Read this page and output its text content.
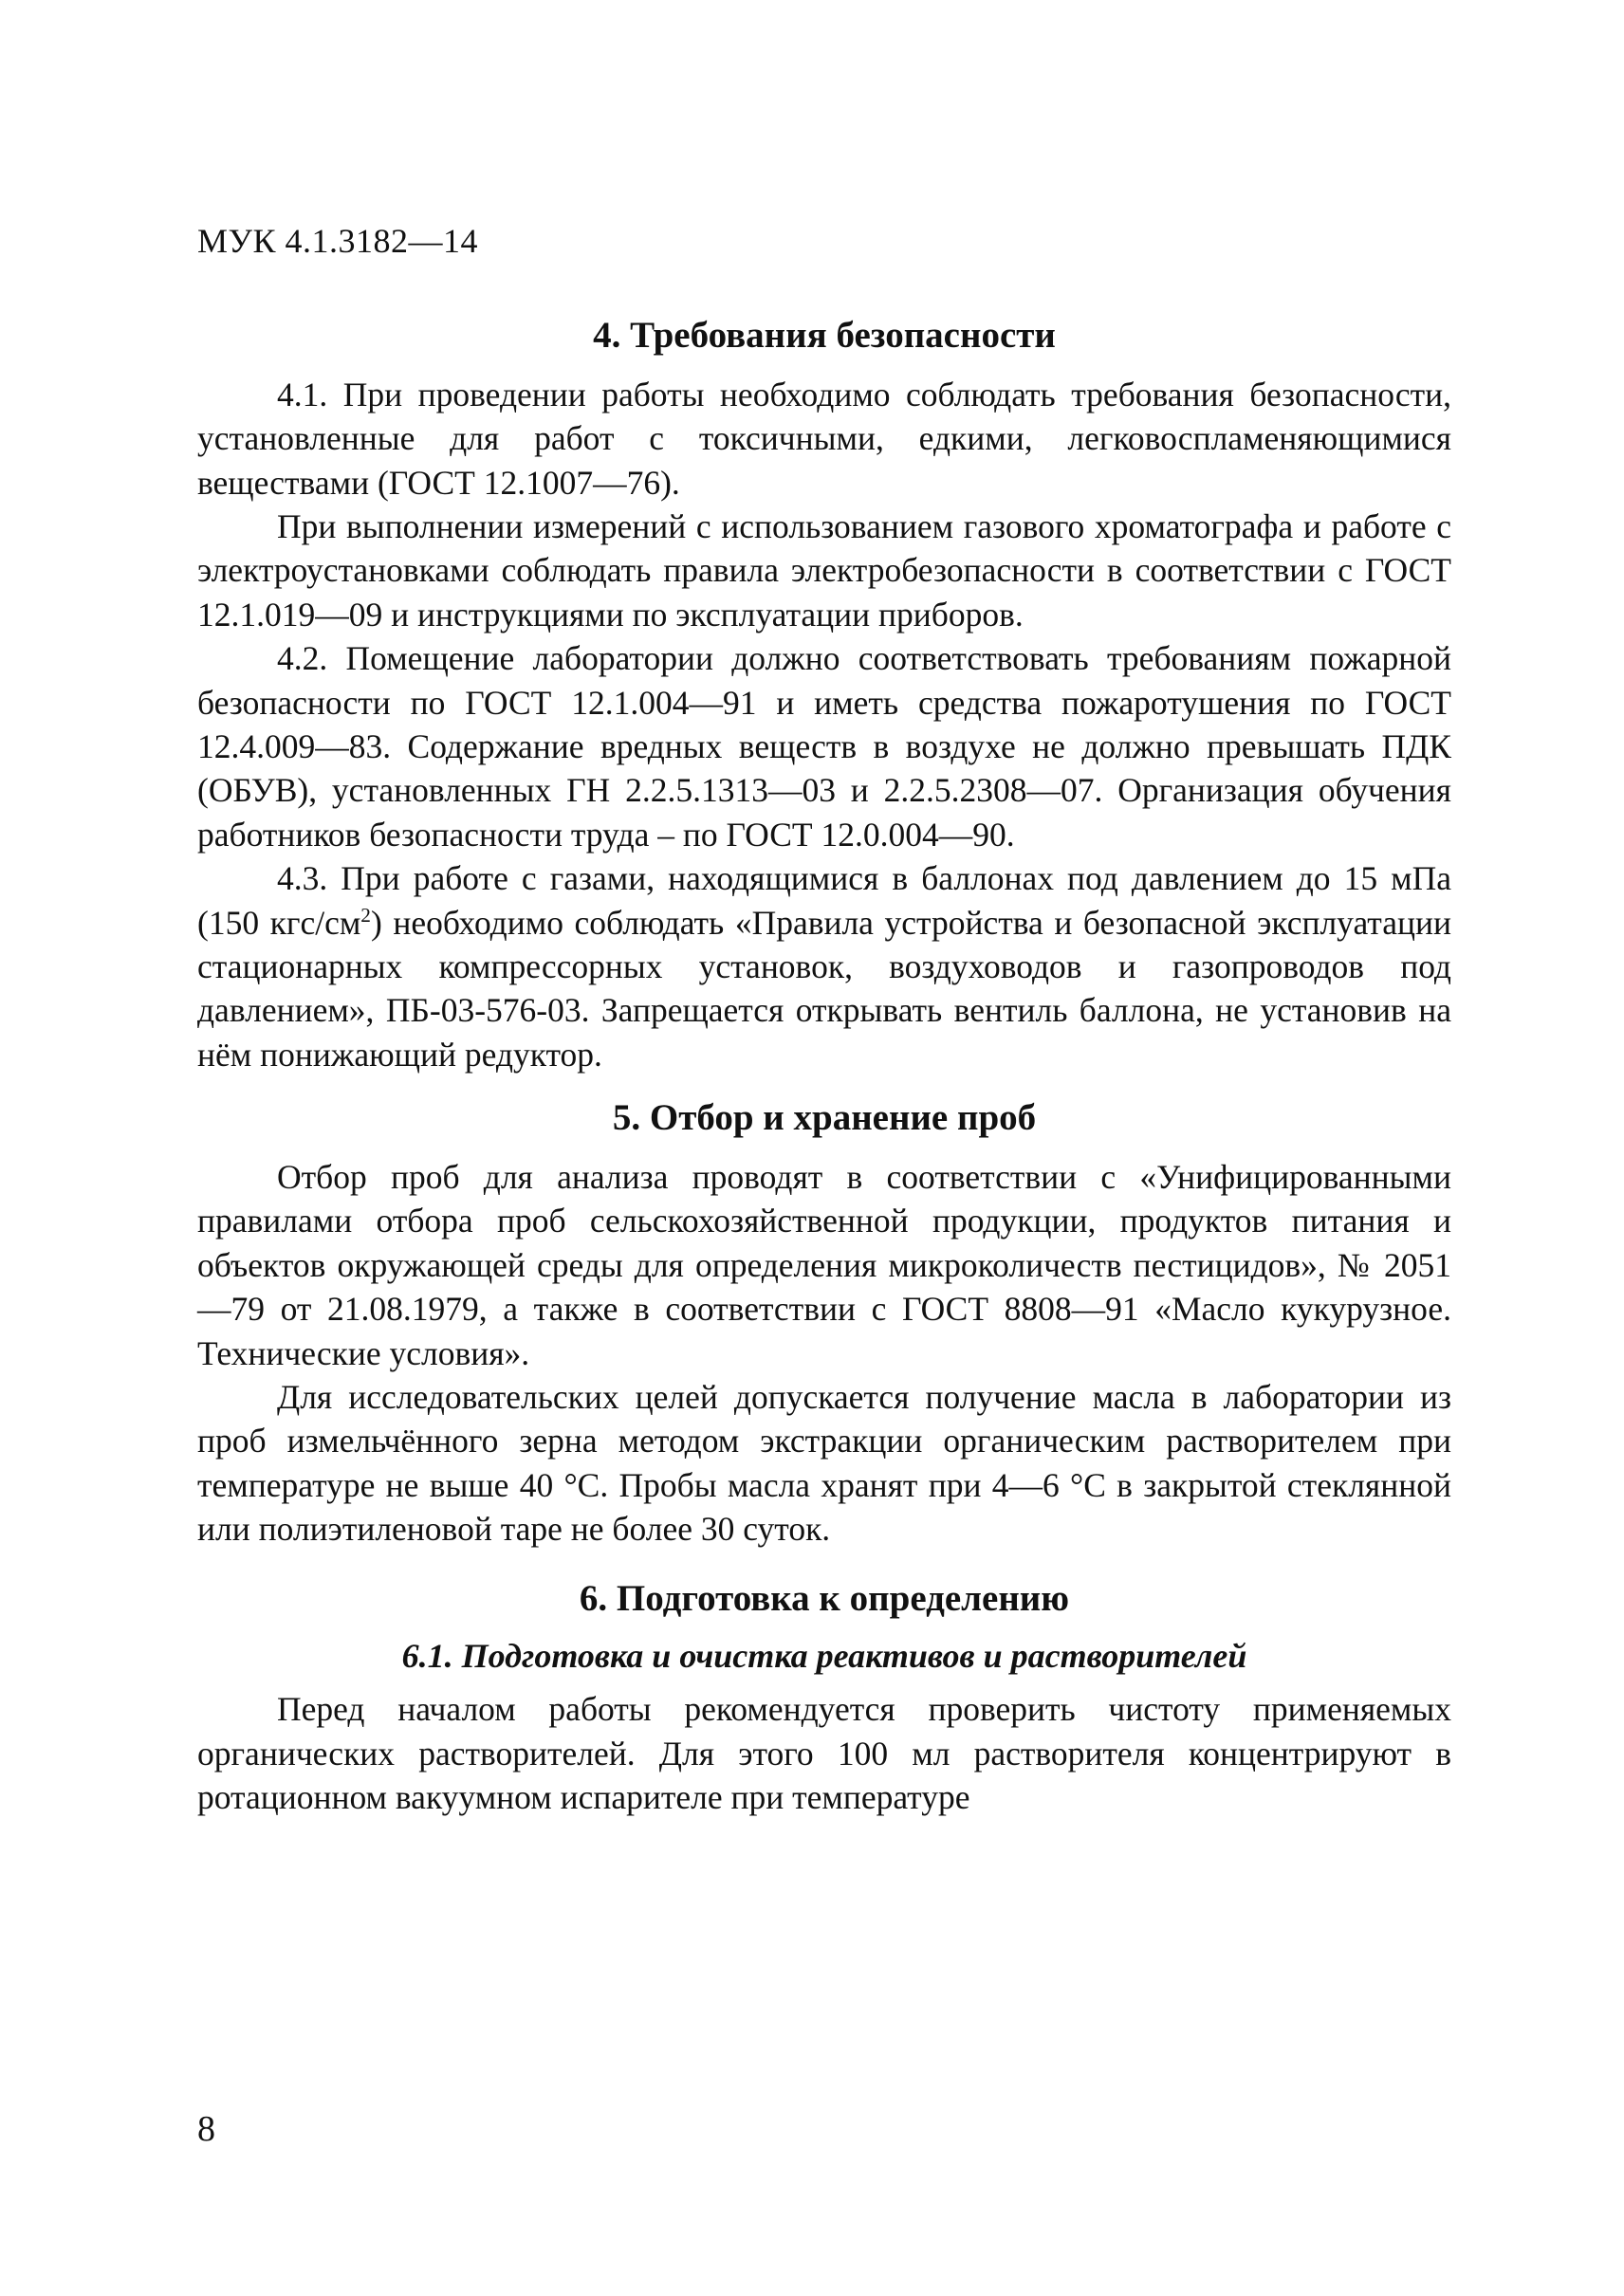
МУК 4.1.3182—14
4. Требования безопасности

4.1. При проведении работы необходимо соблюдать требования безопасности, установленные для работ с токсичными, едкими, легковоспламеняющимися веществами (ГОСТ 12.1007—76).

При выполнении измерений с использованием газового хроматографа и работе с электроустановками соблюдать правила электробезопасности в соответствии с ГОСТ 12.1.019—09 и инструкциями по эксплуатации приборов.

4.2. Помещение лаборатории должно соответствовать требованиям пожарной безопасности по ГОСТ 12.1.004—91 и иметь средства пожаротушения по ГОСТ 12.4.009—83. Содержание вредных веществ в воздухе не должно превышать ПДК (ОБУВ), установленных ГН 2.2.5.1313—03 и 2.2.5.2308—07. Организация обучения работников безопасности труда – по ГОСТ 12.0.004—90.

4.3. При работе с газами, находящимися в баллонах под давлением до 15 мПа (150 кгс/$см^2$) необходимо соблюдать «Правила устройства и безопасной эксплуатации стационарных компрессорных установок, воздуховодов и газопроводов под давлением», ПБ-03-576-03. Запрещается открывать вентиль баллона, не установив на нём понижающий редуктор.

5. Отбор и хранение проб

Отбор проб для анализа проводят в соответствии с «Унифицированными правилами отбора проб сельскохозяйственной продукции, продуктов питания и объектов окружающей среды для определения микроколичеств пестицидов», № 2051—79 от 21.08.1979, а также в соответствии с ГОСТ 8808—91 «Масло кукурузное. Технические условия».

Для исследовательских целей допускается получение масла в лаборатории из проб измельчённого зерна методом экстракции органическим растворителем при температуре не выше 40 °С. Пробы масла хранят при 4—6 °С в закрытой стеклянной или полиэтиленовой таре не более 30 суток.

6. Подготовка к определению
6.1. Подготовка и очистка реактивов и растворителей

Перед началом работы рекомендуется проверить чистоту применяемых органических растворителей. Для этого 100 мл растворителя концентрируют в ротационном вакуумном испарителе при температуре

8
